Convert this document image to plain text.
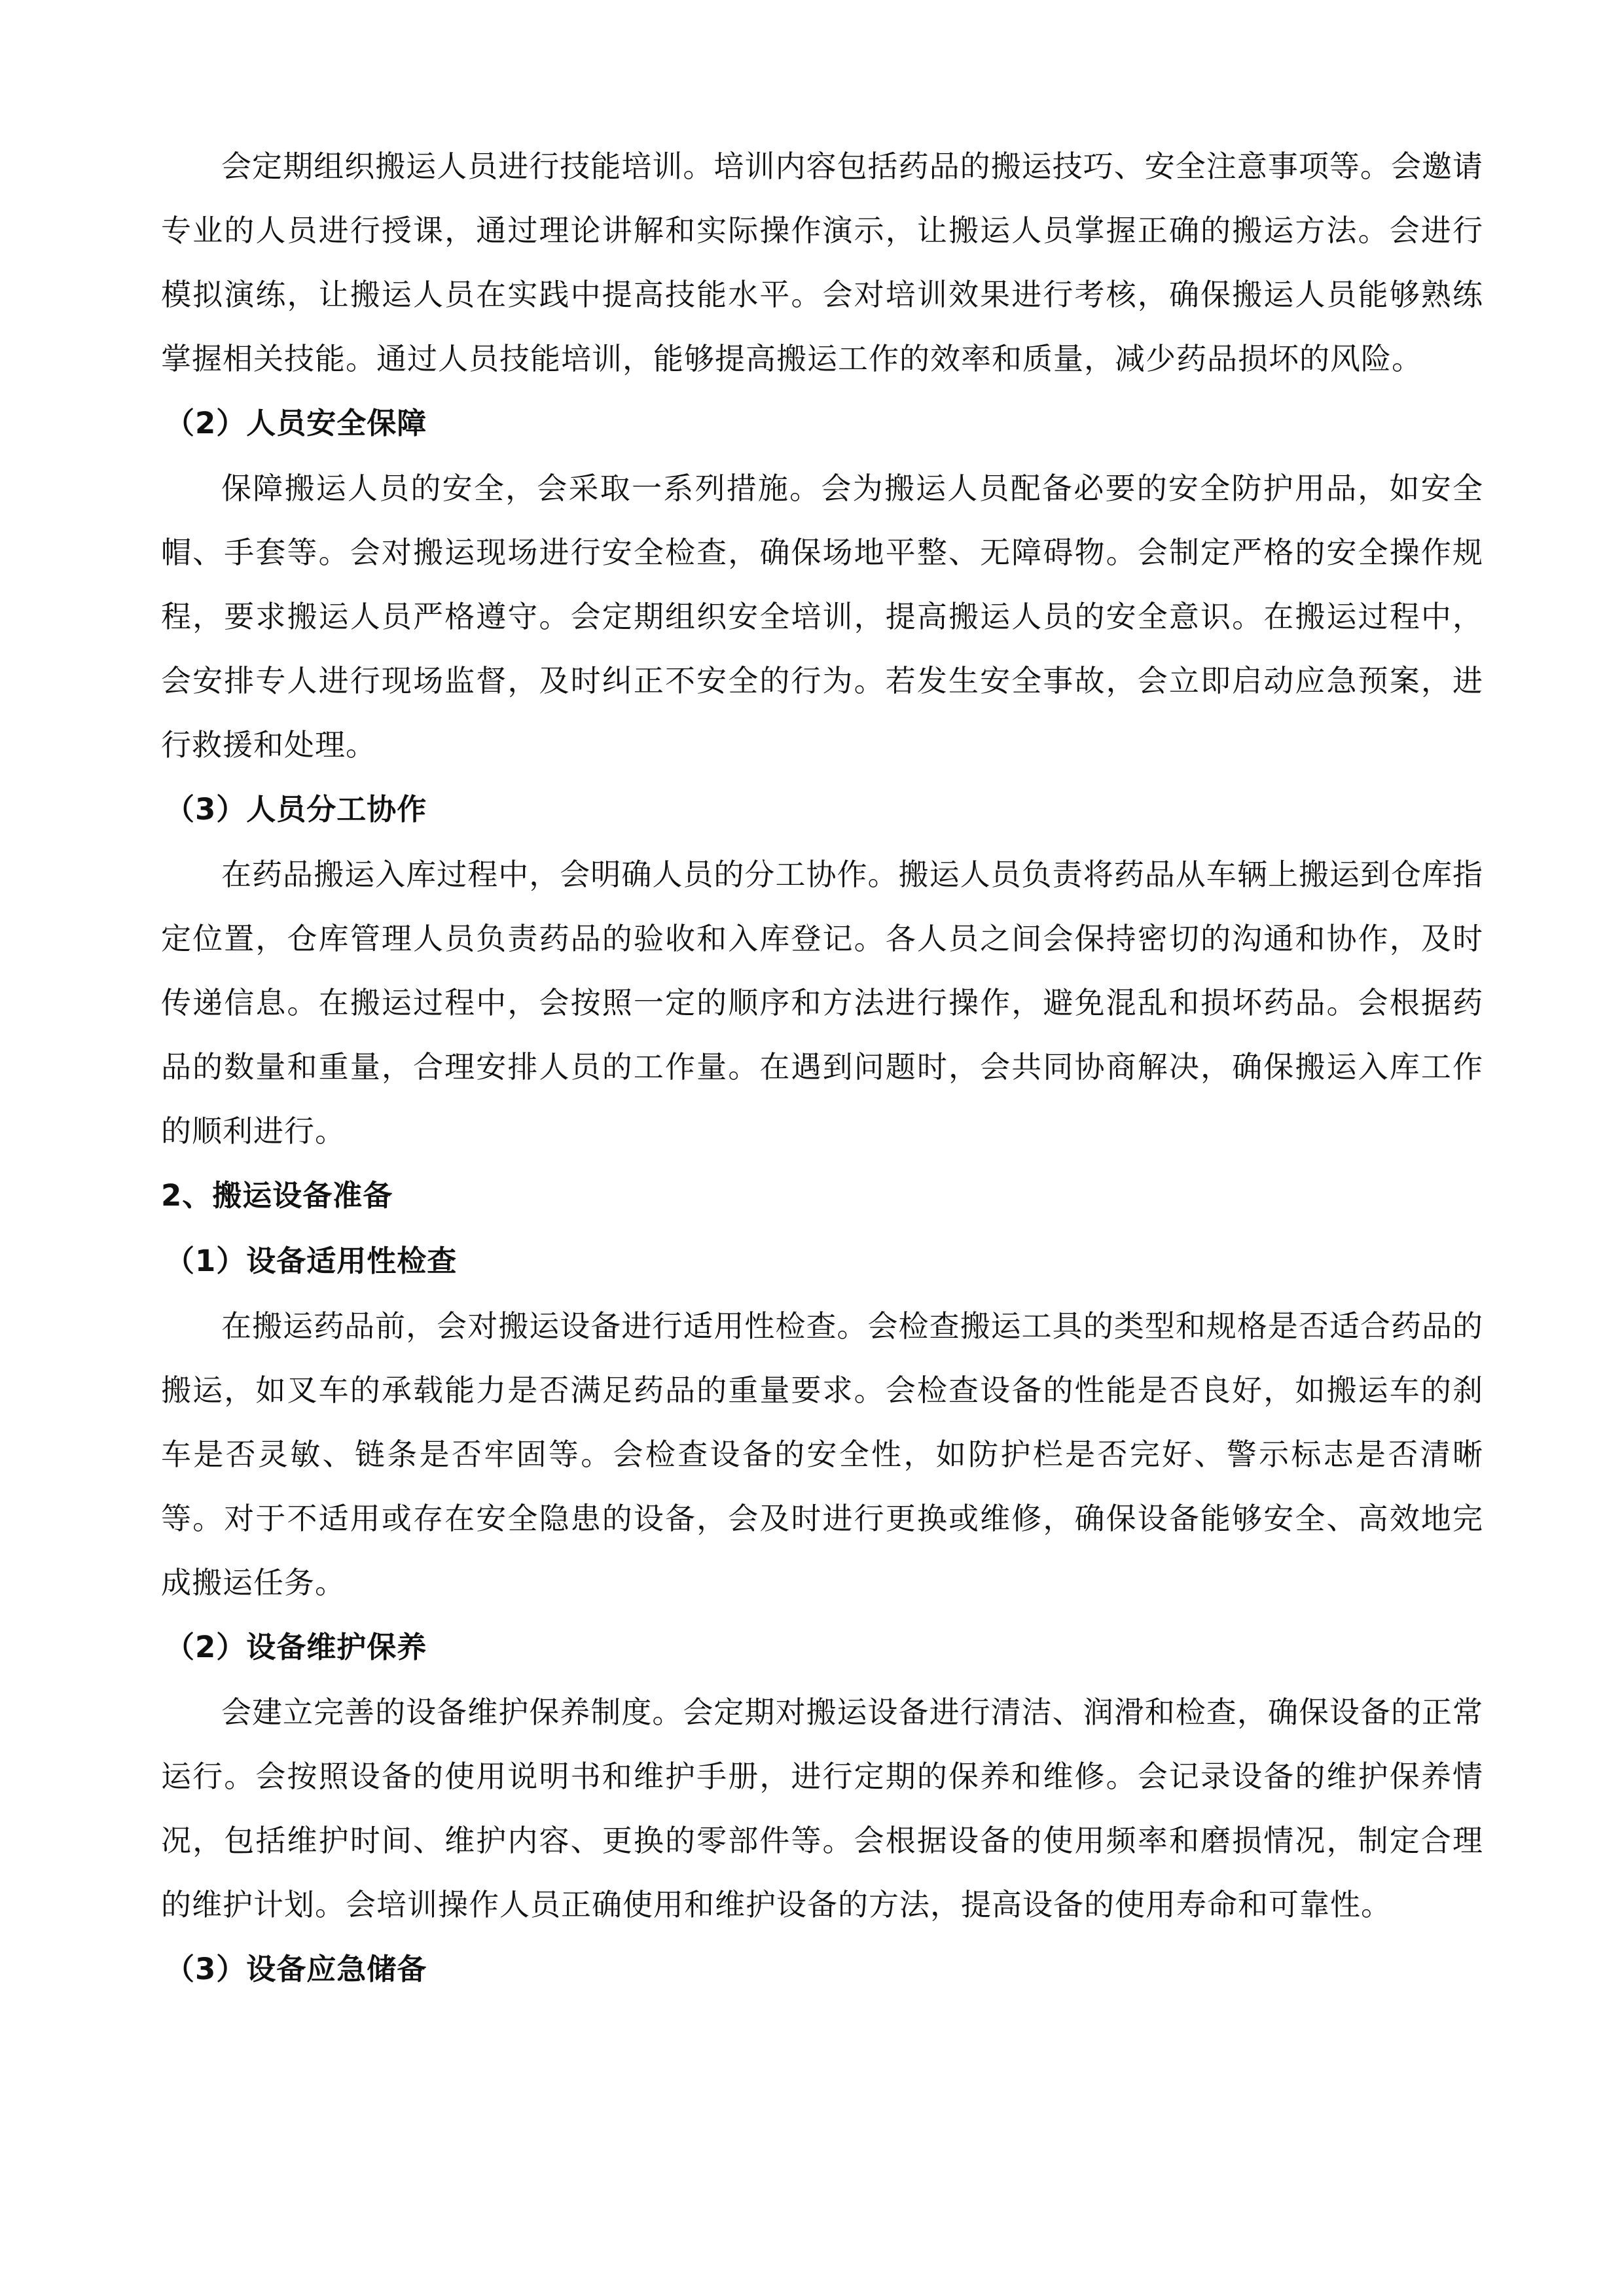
会定期组织搬运人员进行技能培训。培训内容包括药品的搬运技巧、安全注意事项等。会邀请专业的人员进行授课，通过理论讲解和实际操作演示，让搬运人员掌握正确的搬运方法。会进行模拟演练，让搬运人员在实践中提高技能水平。会对培训效果进行考核，确保搬运人员能够熟练掌握相关技能。通过人员技能培训，能够提高搬运工作的效率和质量，减少药品损坏的风险。

（2）人员安全保障

保障搬运人员的安全，会采取一系列措施。会为搬运人员配备必要的安全防护用品，如安全帽、手套等。会对搬运现场进行安全检查，确保场地平整、无障碍物。会制定严格的安全操作规程，要求搬运人员严格遵守。会定期组织安全培训，提高搬运人员的安全意识。在搬运过程中，会安排专人进行现场监督，及时纠正不安全的行为。若发生安全事故，会立即启动应急预案，进行救援和处理。

（3）人员分工协作

在药品搬运入库过程中，会明确人员的分工协作。搬运人员负责将药品从车辆上搬运到仓库指定位置，仓库管理人员负责药品的验收和入库登记。各人员之间会保持密切的沟通和协作，及时传递信息。在搬运过程中，会按照一定的顺序和方法进行操作，避免混乱和损坏药品。会根据药品的数量和重量，合理安排人员的工作量。在遇到问题时，会共同协商解决，确保搬运入库工作的顺利进行。

2、搬运设备准备
（1）设备适用性检查

在搬运药品前，会对搬运设备进行适用性检查。会检查搬运工具的类型和规格是否适合药品的搬运，如叉车的承载能力是否满足药品的重量要求。会检查设备的性能是否良好，如搬运车的刹车是否灵敏、链条是否牢固等。会检查设备的安全性，如防护栏是否完好、警示标志是否清晰等。对于不适用或存在安全隐患的设备，会及时进行更换或维修，确保设备能够安全、高效地完成搬运任务。

（2）设备维护保养

会建立完善的设备维护保养制度。会定期对搬运设备进行清洁、润滑和检查，确保设备的正常运行。会按照设备的使用说明书和维护手册，进行定期的保养和维修。会记录设备的维护保养情况，包括维护时间、维护内容、更换的零部件等。会根据设备的使用频率和磨损情况，制定合理的维护计划。会培训操作人员正确使用和维护设备的方法，提高设备的使用寿命和可靠性。

（3）设备应急储备
